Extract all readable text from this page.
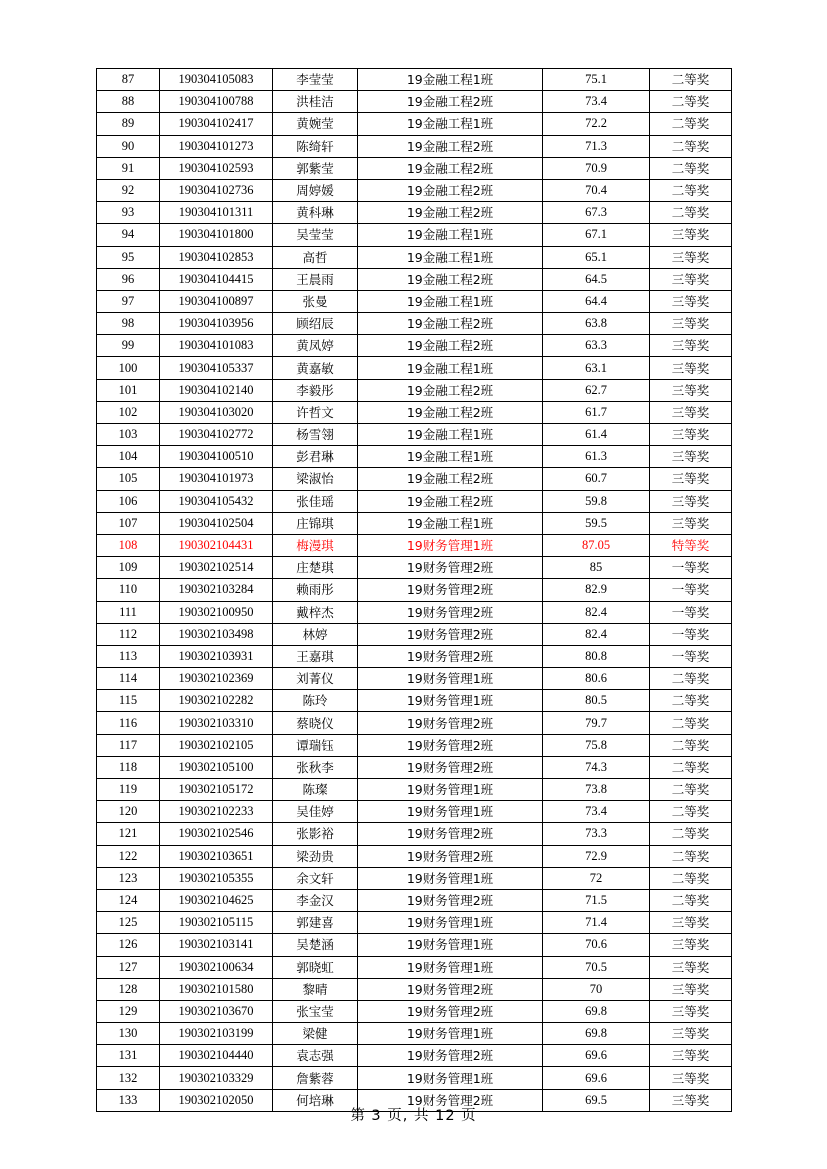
87	190304105083	李莹莹	19金融工程1班	75.1	二等奖
88	190304100788	洪桂洁	19金融工程2班	73.4	二等奖
89	190304102417	黄婉莹	19金融工程1班	72.2	二等奖
90	190304101273	陈绮轩	19金融工程2班	71.3	二等奖
91	190304102593	郭紫莹	19金融工程2班	70.9	二等奖
92	190304102736	周婷媛	19金融工程2班	70.4	二等奖
93	190304101311	黄科琳	19金融工程2班	67.3	二等奖
94	190304101800	吴莹莹	19金融工程1班	67.1	三等奖
95	190304102853	高哲	19金融工程1班	65.1	三等奖
96	190304104415	王晨雨	19金融工程2班	64.5	三等奖
97	190304100897	张曼	19金融工程1班	64.4	三等奖
98	190304103956	顾绍辰	19金融工程2班	63.8	三等奖
99	190304101083	黄凤婷	19金融工程2班	63.3	三等奖
100	190304105337	黄嘉敏	19金融工程1班	63.1	三等奖
101	190304102140	李毅彤	19金融工程2班	62.7	三等奖
102	190304103020	许哲文	19金融工程2班	61.7	三等奖
103	190304102772	杨雪翎	19金融工程1班	61.4	三等奖
104	190304100510	彭君琳	19金融工程1班	61.3	三等奖
105	190304101973	梁淑怡	19金融工程2班	60.7	三等奖
106	190304105432	张佳瑶	19金融工程2班	59.8	三等奖
107	190304102504	庄锦琪	19金融工程1班	59.5	三等奖
108	190302104431	梅漫琪	19财务管理1班	87.05	特等奖
109	190302102514	庄楚琪	19财务管理2班	85	一等奖
110	190302103284	赖雨彤	19财务管理2班	82.9	一等奖
111	190302100950	戴梓杰	19财务管理2班	82.4	一等奖
112	190302103498	林婷	19财务管理2班	82.4	一等奖
113	190302103931	王嘉琪	19财务管理2班	80.8	一等奖
114	190302102369	刘菁仪	19财务管理1班	80.6	二等奖
115	190302102282	陈玲	19财务管理1班	80.5	二等奖
116	190302103310	蔡晓仪	19财务管理2班	79.7	二等奖
117	190302102105	谭瑞钰	19财务管理2班	75.8	二等奖
118	190302105100	张秋李	19财务管理2班	74.3	二等奖
119	190302105172	陈璨	19财务管理1班	73.8	二等奖
120	190302102233	吴佳婷	19财务管理1班	73.4	二等奖
121	190302102546	张影裕	19财务管理2班	73.3	二等奖
122	190302103651	梁劲贵	19财务管理2班	72.9	二等奖
123	190302105355	余文轩	19财务管理1班	72	二等奖
124	190302104625	李金汉	19财务管理2班	71.5	二等奖
125	190302105115	郭建喜	19财务管理1班	71.4	三等奖
126	190302103141	吴楚涵	19财务管理1班	70.6	三等奖
127	190302100634	郭晓虹	19财务管理1班	70.5	三等奖
128	190302101580	黎晴	19财务管理2班	70	三等奖
129	190302103670	张宝莹	19财务管理2班	69.8	三等奖
130	190302103199	梁健	19财务管理1班	69.8	三等奖
131	190302104440	袁志强	19财务管理2班	69.6	三等奖
132	190302103329	詹紫蓉	19财务管理1班	69.6	三等奖
133	190302102050	何培琳	19财务管理2班	69.5	三等奖
第 3 页, 共 12 页
